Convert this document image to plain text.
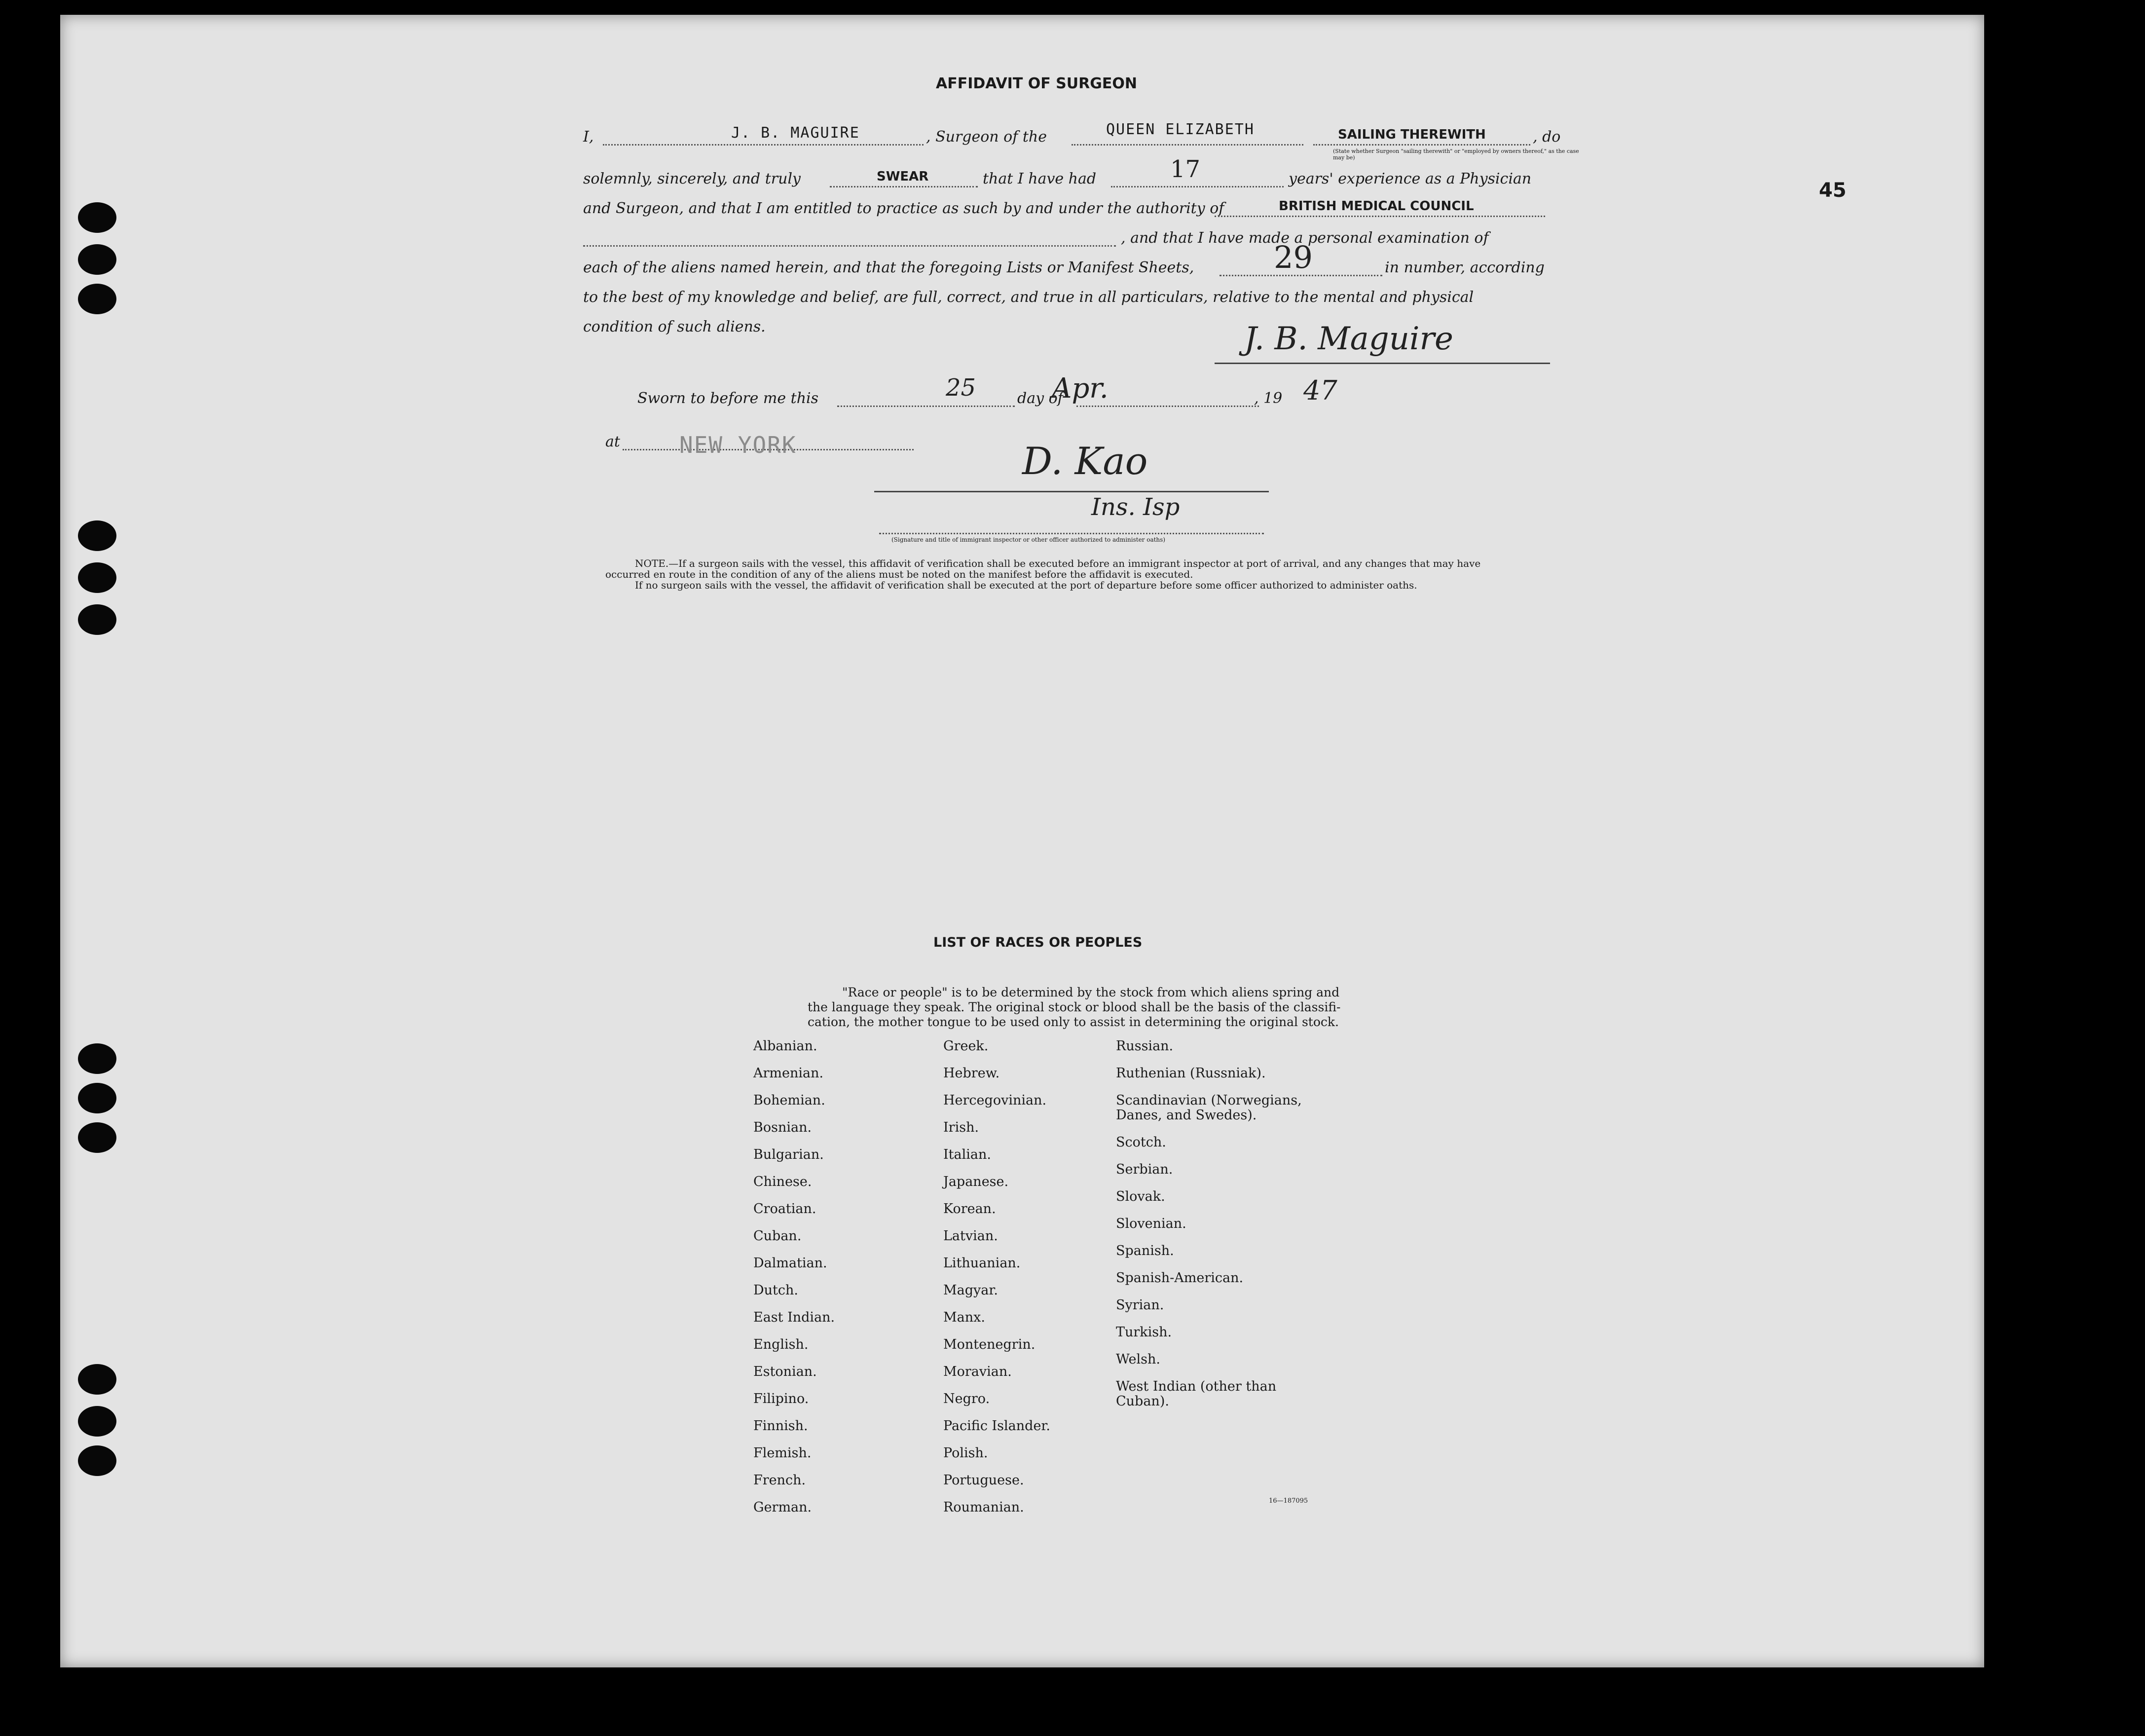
45
AFFIDAVIT OF SURGEON
I,	J. B. MAGUIRE	, Surgeon of the	QUEEN ELIZABETH	SAILING THEREWITH	, do
(State whether Surgeon "sailing therewith" or "employed by owners thereof," as the case may be)
solemnly, sincerely, and truly	SWEAR	that I have had	17	years' experience as a Physician
and Surgeon, and that I am entitled to practice as such by and under the authority of	BRITISH MEDICAL COUNCIL
, and that I have made a personal examination of
each of the aliens named herein, and that the foregoing Lists or Manifest Sheets,	29	in number, according
to the best of my knowledge and belief, are full, correct, and true in all particulars, relative to the mental and physical
condition of such aliens.	J. B. Maguire
Sworn to before me this	25	day of
Apr.	, 19 47
at	NEW YORK	D. Kao
Ins. Isp
(Signature and title of immigrant inspector or other officer authorized to administer oaths)
NOTE.—If a surgeon sails with the vessel, this affidavit of verification shall be executed before an immigrant inspector at port of arrival, and any changes that may have
occurred en route in the condition of any of the aliens must be noted on the manifest before the affidavit is executed.
If no surgeon sails with the vessel, the affidavit of verification shall be executed at the port of departure before some officer authorized to administer oaths.
LIST OF RACES OR PEOPLES
"Race or people" is to be determined by the stock from which aliens spring and
the language they speak. The original stock or blood shall be the basis of the classifi-
cation, the mother tongue to be used only to assist in determining the original stock.
Albanian.
Armenian.
Bohemian.
Bosnian.
Bulgarian.
Chinese.
Croatian.
Cuban.
Dalmatian.
Dutch.
East Indian.
English.
Estonian.
Filipino.
Finnish.
Flemish.
French.
German.
Greek.
Hebrew.
Hercegovinian.
Irish.
Italian.
Japanese.
Korean.
Latvian.
Lithuanian.
Magyar.
Manx.
Montenegrin.
Moravian.
Negro.
Pacific Islander.
Polish.
Portuguese.
Roumanian.
Russian.
Ruthenian (Russniak).
Scandinavian (Norwegians,
Danes, and Swedes).
Scotch.
Serbian.
Slovak.
Slovenian.
Spanish.
Spanish-American.
Syrian.
Turkish.
Welsh.
West Indian (other than
Cuban).
16—187095
